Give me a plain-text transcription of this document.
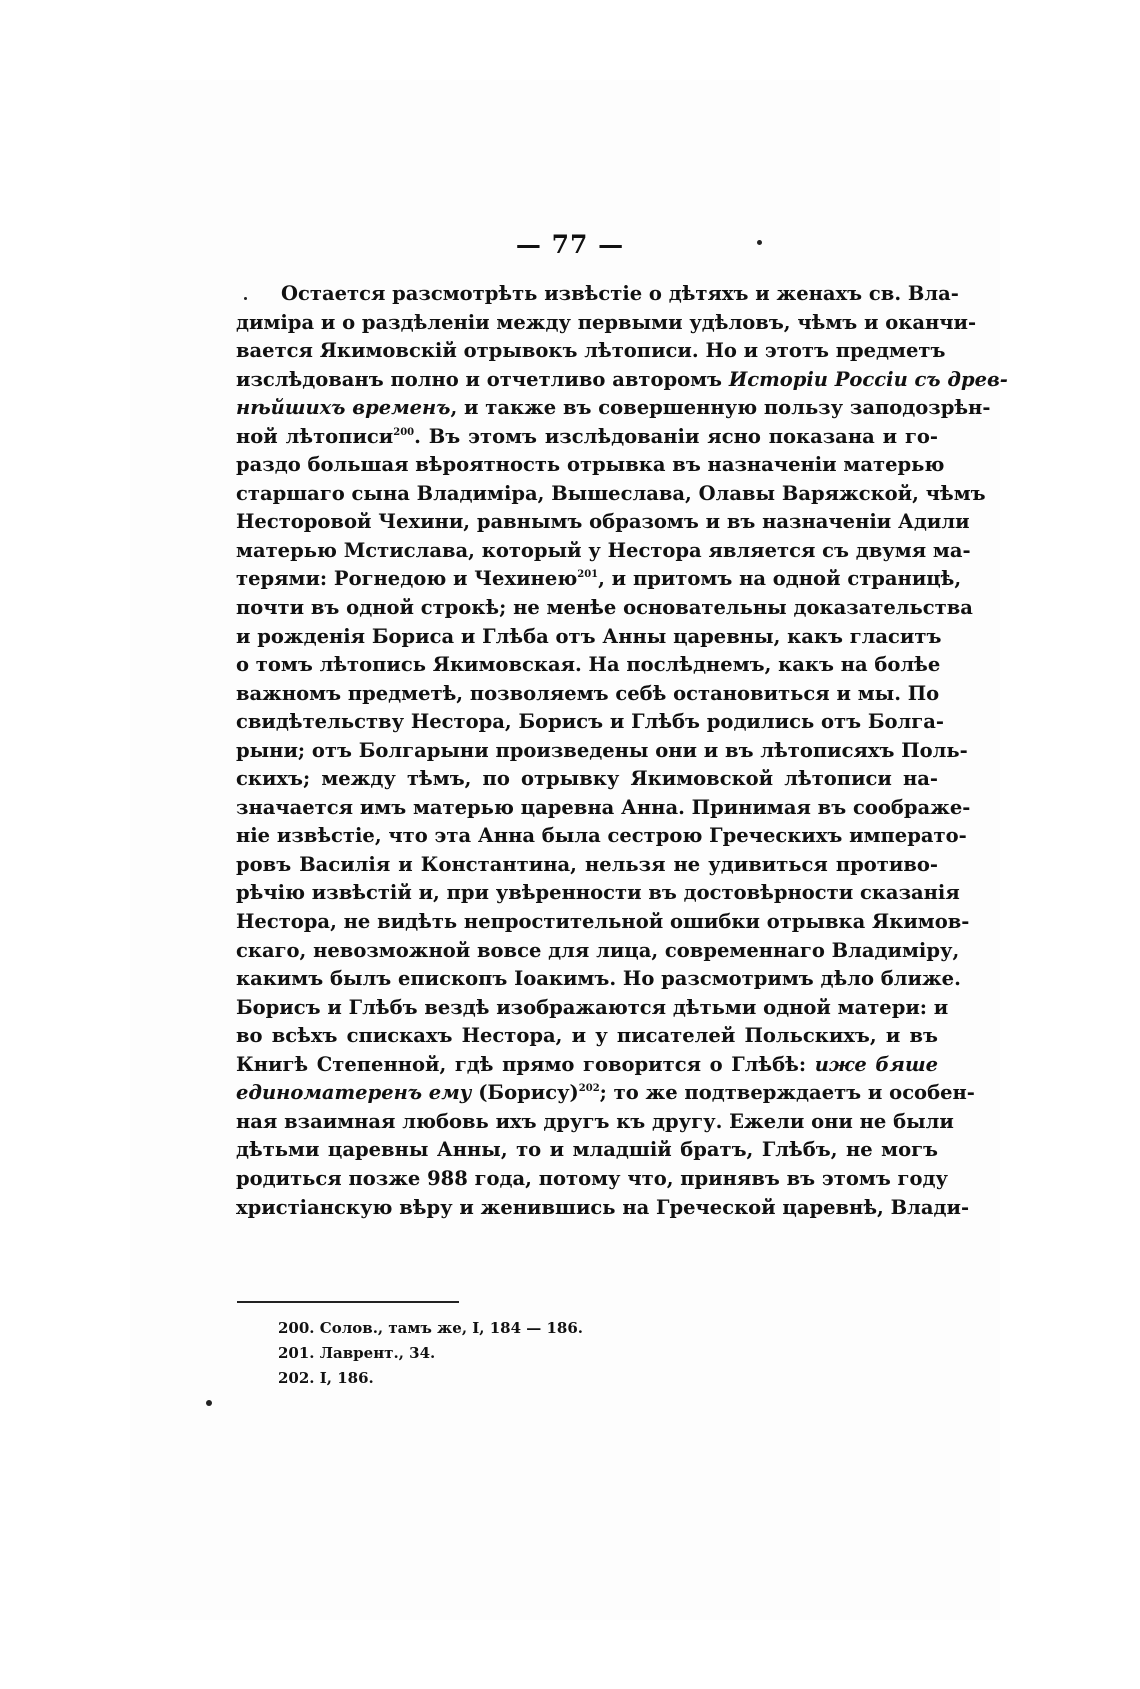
— 77 —
Остается разсмотрѣть извѣстіе о дѣтяхъ и женахъ св. Вла-
диміра и о раздѣленіи между первыми удѣловъ, чѣмъ и оканчи-
вается Якимовскій отрывокъ лѣтописи. Но и этотъ предметъ
изслѣдованъ полно и отчетливо авторомъ Исторіи Россіи съ древ-
нѣйшихъ временъ, и также въ совершенную пользу заподозрѣн-
ной лѣтописи$^{200}$. Въ этомъ изслѣдованіи ясно показана и го-
раздо большая вѣроятность отрывка въ назначеніи матерью
старшаго сына Владиміра, Вышеслава, Олавы Варяжской, чѣмъ
Несторовой Чехини, равнымъ образомъ и въ назначеніи Адили
матерью Мстислава, который у Нестора является съ двумя ма-
терями: Рогнедою и Чехинею$^{201}$, и притомъ на одной страницѣ,
почти въ одной строкѣ; не менѣе основательны доказательства
и рожденія Бориса и Глѣба отъ Анны царевны, какъ гласитъ
о томъ лѣтопись Якимовская. На послѣднемъ, какъ на болѣе
важномъ предметѣ, позволяемъ себѣ остановиться и мы. По
свидѣтельству Нестора, Борисъ и Глѣбъ родились отъ Болга-
рыни; отъ Болгарыни произведены они и въ лѣтописяхъ Поль-
скихъ; между тѣмъ, по отрывку Якимовской лѣтописи на-
значается имъ матерью царевна Анна. Принимая въ соображе-
ніе извѣстіе, что эта Анна была сестрою Греческихъ императо-
ровъ Василія и Константина, нельзя не удивиться противо-
рѣчію извѣстій и, при увѣренности въ достовѣрности сказанія
Нестора, не видѣть непростительной ошибки отрывка Якимов-
скаго, невозможной вовсе для лица, современнаго Владиміру,
какимъ былъ епископъ Іоакимъ. Но разсмотримъ дѣло ближе.
Борисъ и Глѣбъ вездѣ изображаются дѣтьми одной матери: и
во всѣхъ спискахъ Нестора, и у писателей Польскихъ, и въ
Книгѣ Степенной, гдѣ прямо говорится о Глѣбѣ: иже бяше
единоматеренъ ему (Борису)$^{202}$; то же подтверждаетъ и особен-
ная взаимная любовь ихъ другъ къ другу. Ежели они не были
дѣтьми царевны Анны, то и младшій братъ, Глѣбъ, не могъ
родиться позже 988 года, потому что, принявъ въ этомъ году
христіанскую вѣру и женившись на Греческой царевнѣ, Влади-
200. Солов., тамъ же, I, 184 — 186.
201. Лаврент., 34.
202. I, 186.
